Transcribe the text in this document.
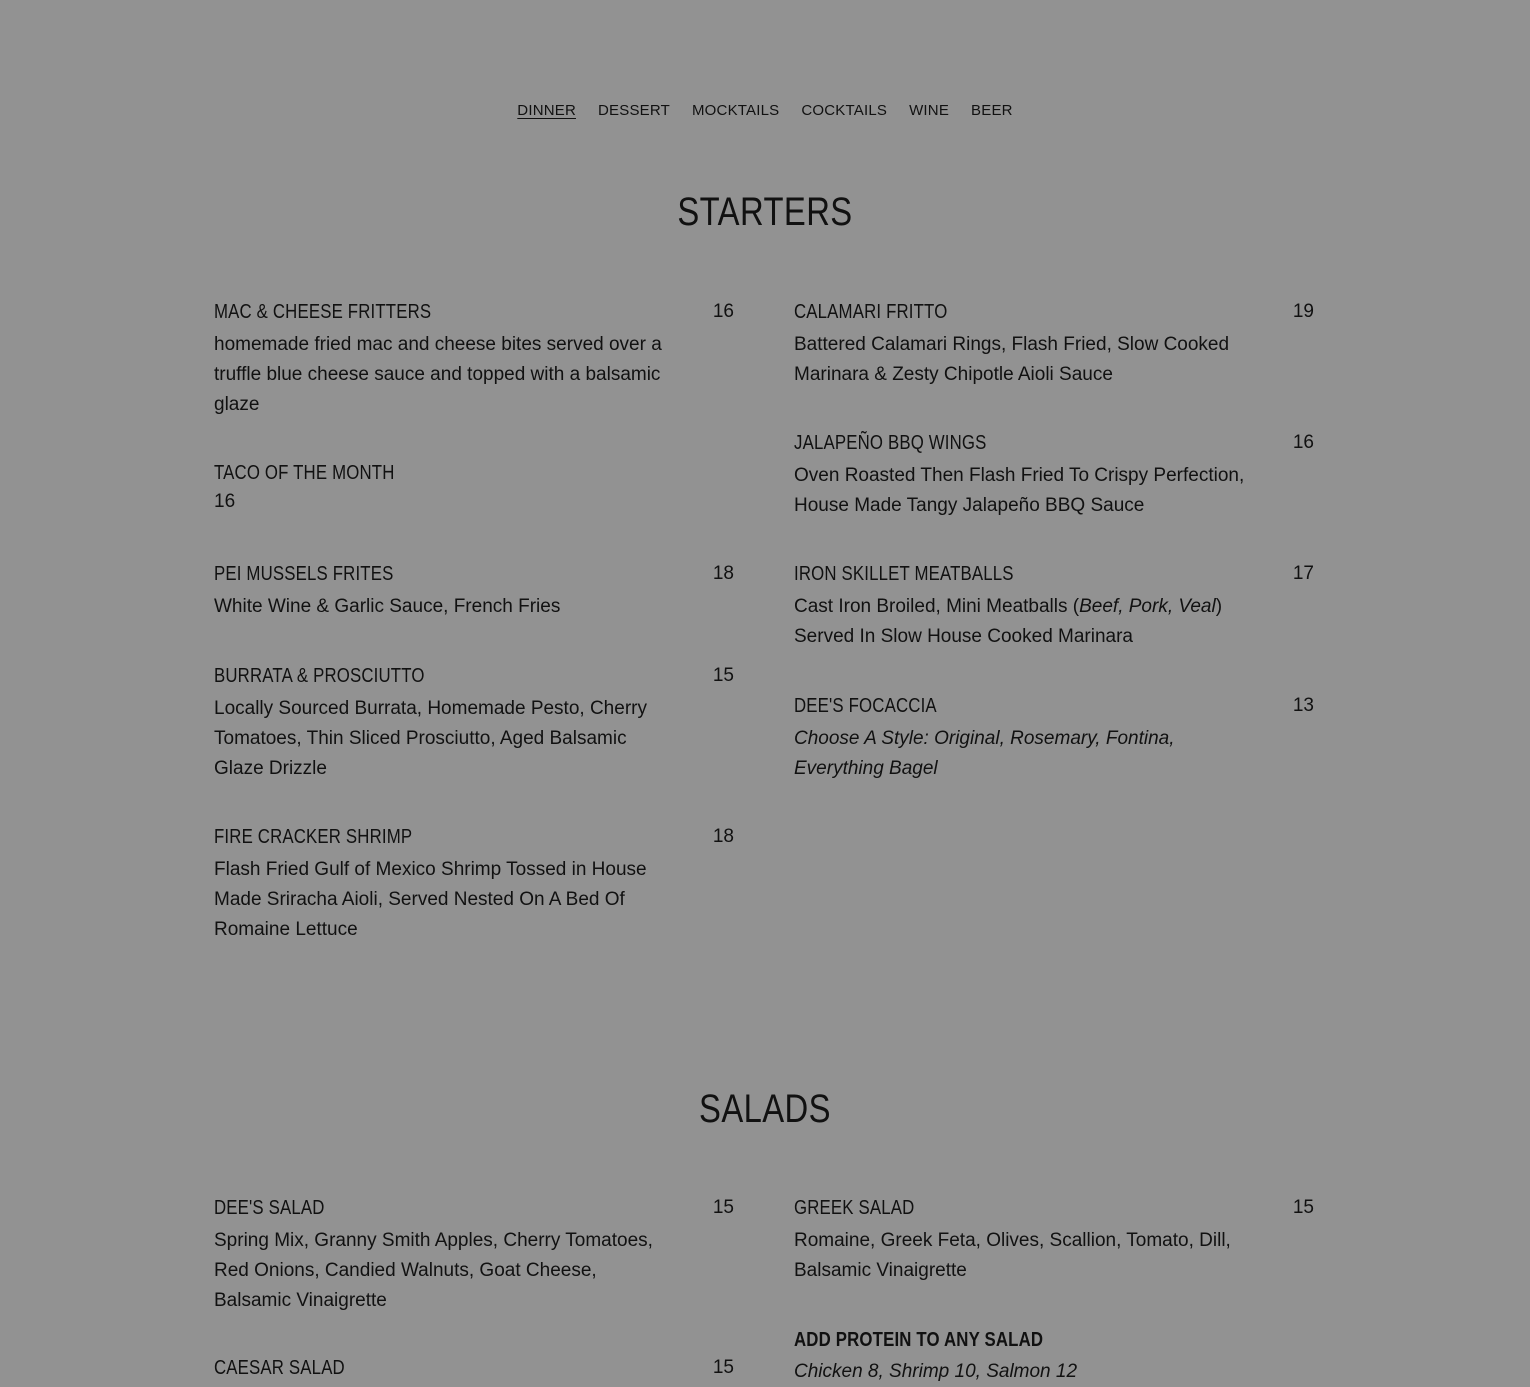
DINNER DESSERT MOCKTAILS COCKTAILS WINE BEER
STARTERS
MAC & CHEESE FRITTERS	16
homemade fried mac and cheese bites served over a truffle blue cheese sauce and topped with a balsamic glaze
TACO OF THE MONTH
16
PEI MUSSELS FRITES	18
White Wine & Garlic Sauce, French Fries
BURRATA & PROSCIUTTO	15
Locally Sourced Burrata, Homemade Pesto, Cherry Tomatoes, Thin Sliced Prosciutto, Aged Balsamic Glaze Drizzle
FIRE CRACKER SHRIMP	18
Flash Fried Gulf of Mexico Shrimp Tossed in House Made Sriracha Aioli, Served Nested On A Bed Of Romaine Lettuce
CALAMARI FRITTO	19
Battered Calamari Rings, Flash Fried, Slow Cooked Marinara & Zesty Chipotle Aioli Sauce
JALAPEÑO BBQ WINGS	16
Oven Roasted Then Flash Fried To Crispy Perfection, House Made Tangy Jalapeño BBQ Sauce
IRON SKILLET MEATBALLS	17
Cast Iron Broiled, Mini Meatballs (Beef, Pork, Veal) Served In Slow House Cooked Marinara
DEE'S FOCACCIA	13
Choose A Style: Original, Rosemary, Fontina, Everything Bagel
SALADS
DEE'S SALAD	15
Spring Mix, Granny Smith Apples, Cherry Tomatoes, Red Onions, Candied Walnuts, Goat Cheese, Balsamic Vinaigrette
CAESAR SALAD	15
GREEK SALAD	15
Romaine, Greek Feta, Olives, Scallion, Tomato, Dill, Balsamic Vinaigrette
ADD PROTEIN TO ANY SALAD
Chicken 8, Shrimp 10, Salmon 12
